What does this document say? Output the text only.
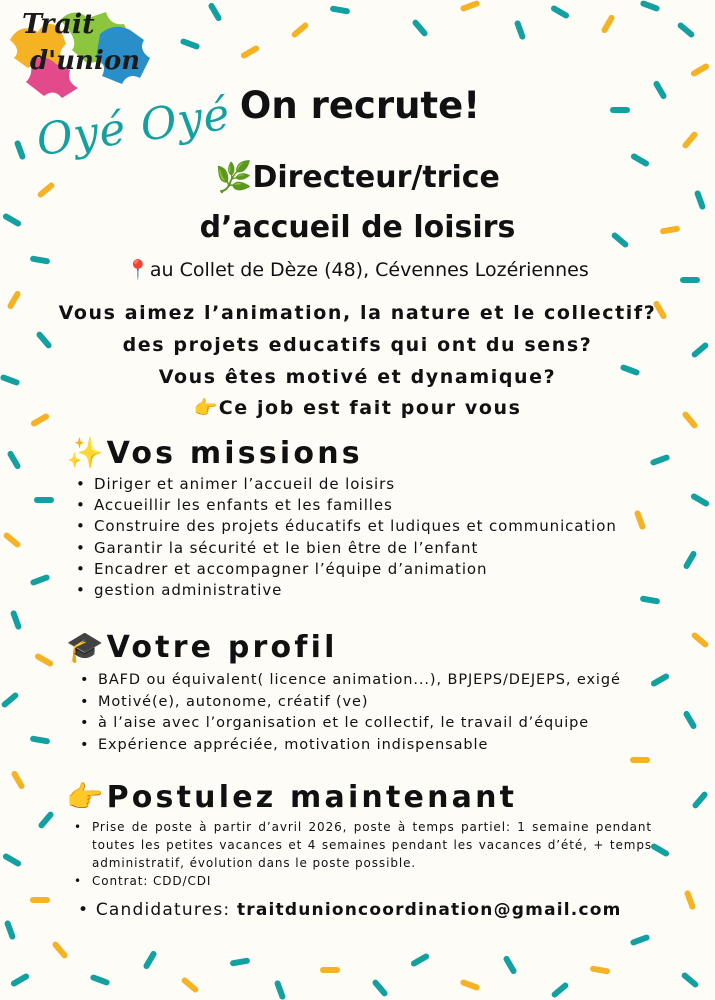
Trait
d'union
Oyé Oyé On recrute!
🌿Directeur/trice
d’accueil de loisirs
📍au Collet de Dèze (48), Cévennes Lozériennes
Vous aimez l’animation, la nature et le collectif?
des projets educatifs qui ont du sens?
Vous êtes motivé et dynamique?
👉Ce job est fait pour vous
✨Vos missions
• Diriger et animer l’accueil de loisirs
• Accueillir les enfants et les familles
• Construire des projets éducatifs et ludiques et communication
• Garantir la sécurité et le bien être de l’enfant
• Encadrer et accompagner l’équipe d’animation
• gestion administrative
🎓Votre profil
• BAFD ou équivalent( licence animation...), BPJEPS/DEJEPS, exigé
• Motivé(e), autonome, créatif (ve)
• à l’aise avec l’organisation et le collectif, le travail d’équipe
• Expérience appréciée, motivation indispensable
👉Postulez maintenant
• Prise de poste à partir d’avril 2026, poste à temps partiel: 1 semaine pendant toutes les petites vacances et 4 semaines pendant les vacances d’été, + temps administratif, évolution dans le poste possible.
• Contrat: CDD/CDI
• Candidatures: traitdunioncoordination@gmail.com
